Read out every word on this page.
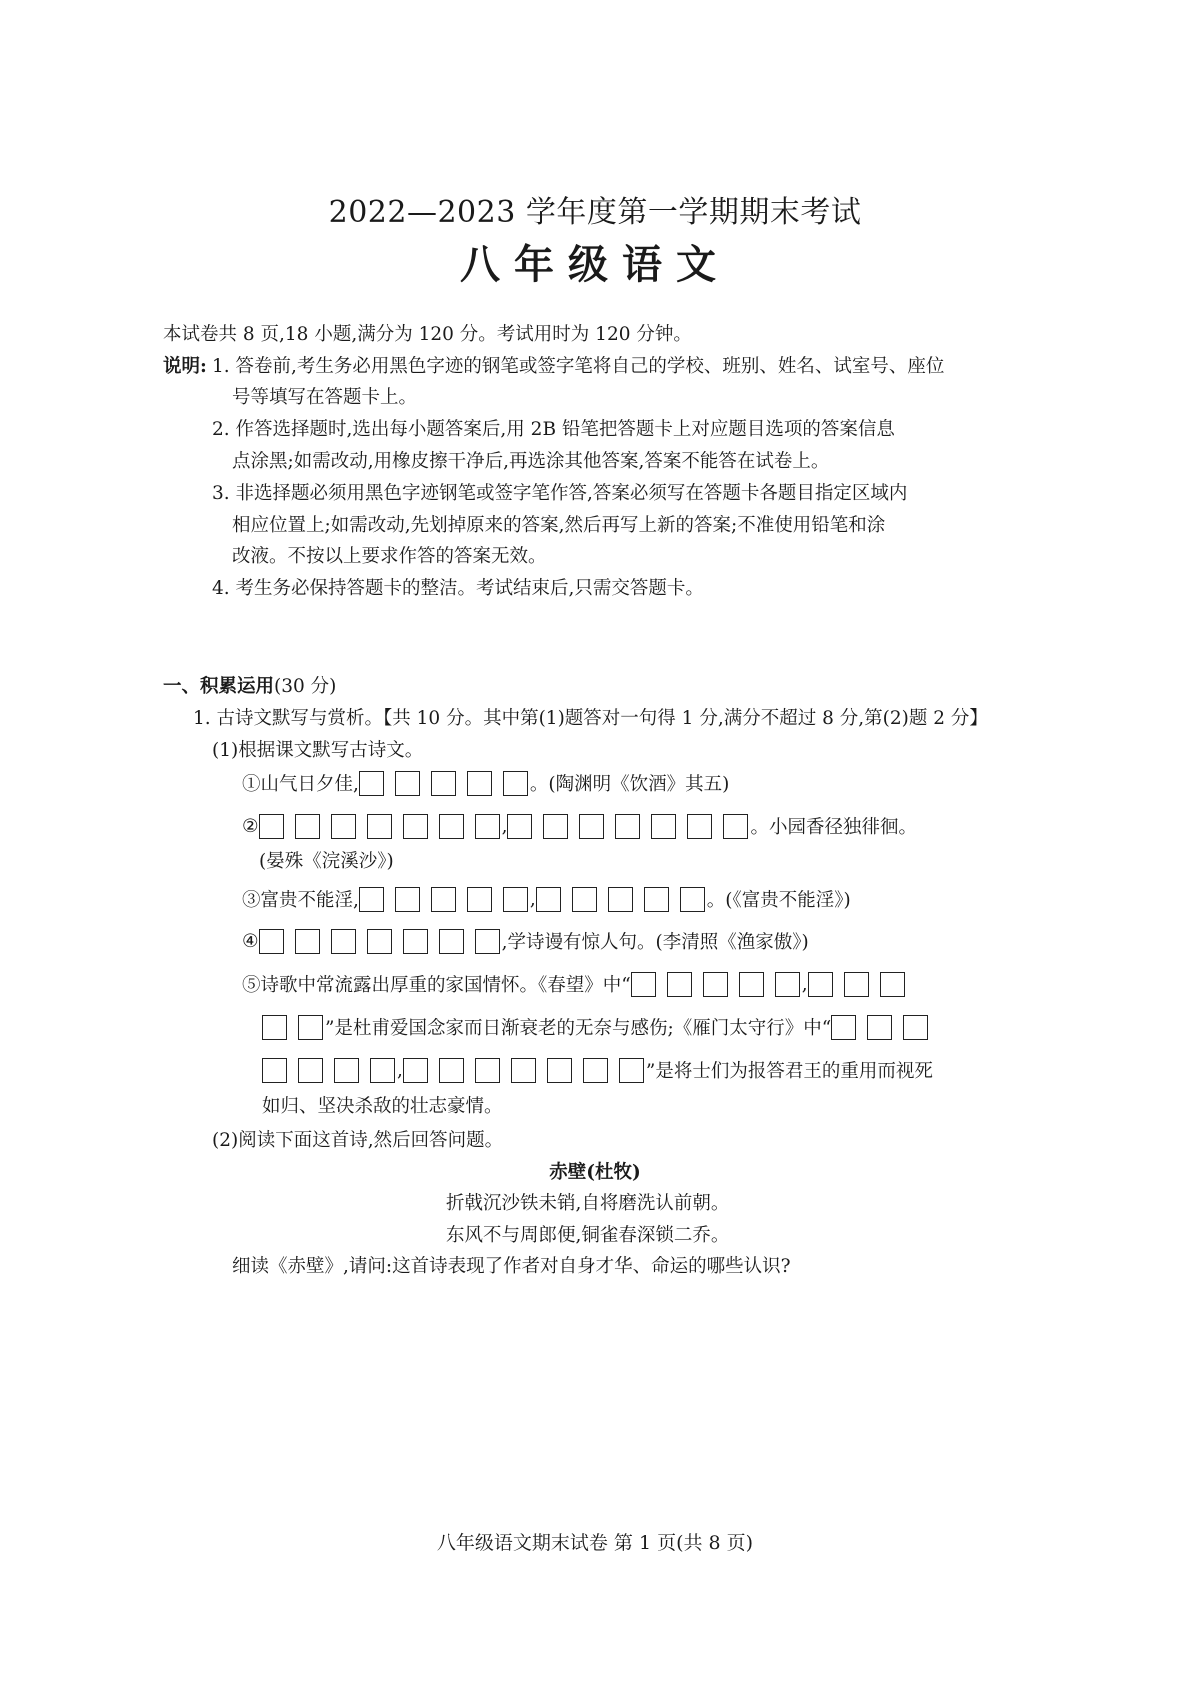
2022—2023 学年度第一学期期末考试
八年级语文
本试卷共 8 页,18 小题,满分为 120 分。考试用时为 120 分钟。
说明: 1. 答卷前,考生务必用黑色字迹的钢笔或签字笔将自己的学校、班别、姓名、试室号、座位
号等填写在答题卡上。
2. 作答选择题时,选出每小题答案后,用 2B 铅笔把答题卡上对应题目选项的答案信息
点涂黑;如需改动,用橡皮擦干净后,再选涂其他答案,答案不能答在试卷上。
3. 非选择题必须用黑色字迹钢笔或签字笔作答,答案必须写在答题卡各题目指定区域内
相应位置上;如需改动,先划掉原来的答案,然后再写上新的答案;不准使用铅笔和涂
改液。不按以上要求作答的答案无效。
4. 考生务必保持答题卡的整洁。考试结束后,只需交答题卡。
一、积累运用(30 分)
1. 古诗文默写与赏析。【共 10 分。其中第(1)题答对一句得 1 分,满分不超过 8 分,第(2)题 2 分】
(1)根据课文默写古诗文。
①山气日夕佳,	。(陶渊明《饮酒》其五)
②	,	。小园香径独徘徊。
(晏殊《浣溪沙》)
③富贵不能淫,	,	。(《富贵不能淫》)
④	,学诗谩有惊人句。(李清照《渔家傲》)
⑤诗歌中常流露出厚重的家国情怀。《春望》中“	,
”是杜甫爱国念家而日渐衰老的无奈与感伤;《雁门太守行》中“
,	”是将士们为报答君王的重用而视死
如归、坚决杀敌的壮志豪情。
(2)阅读下面这首诗,然后回答问题。
赤壁(杜牧)
折戟沉沙铁未销,自将磨洗认前朝。
东风不与周郎便,铜雀春深锁二乔。
细读《赤壁》,请问:这首诗表现了作者对自身才华、命运的哪些认识?
八年级语文期末试卷 第 1 页(共 8 页)
